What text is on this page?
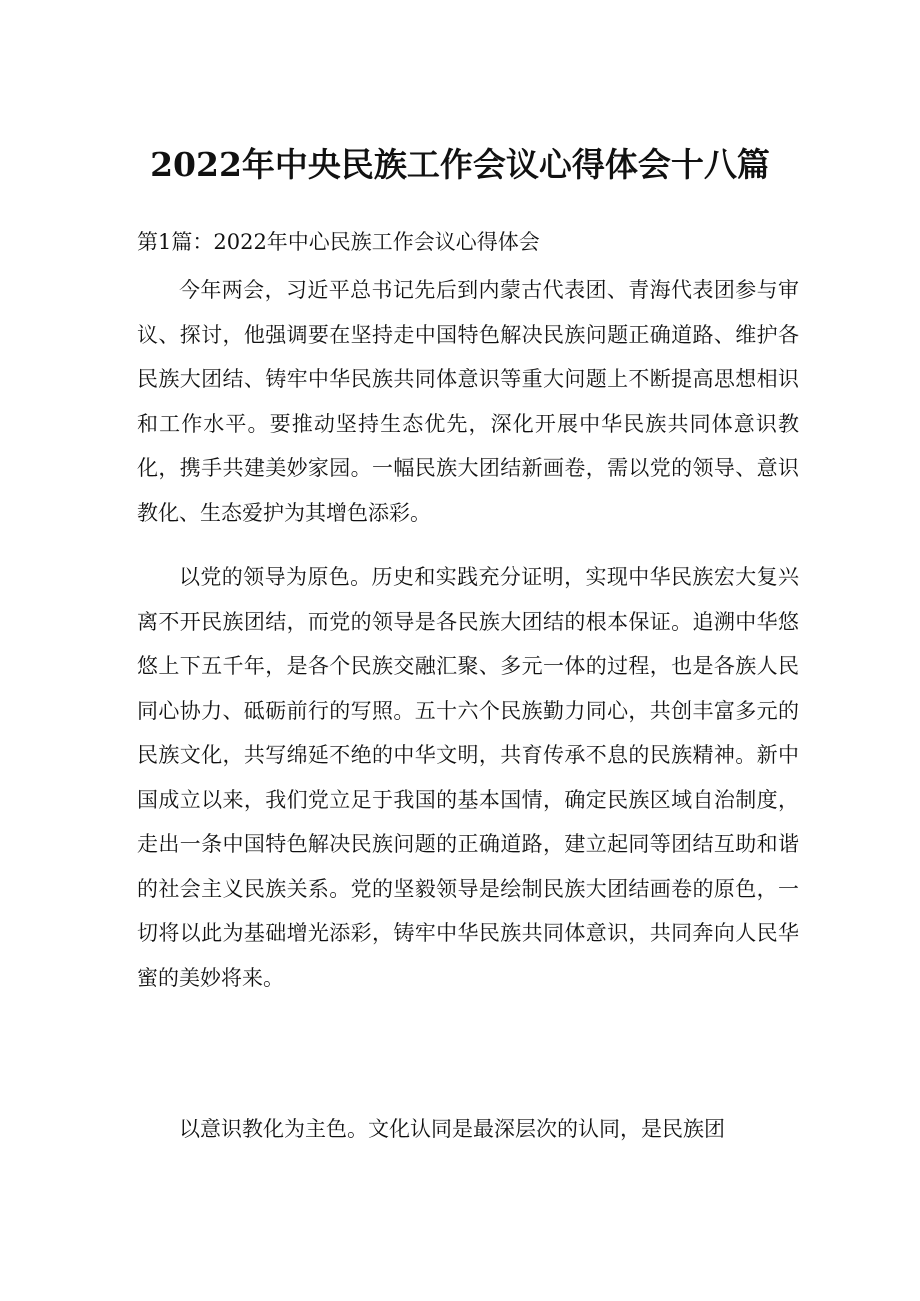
2022年中央民族工作会议心得体会十八篇

第1篇：2022年中心民族工作会议心得体会

今年两会，习近平总书记先后到内蒙古代表团、青海代表团参与审议、探讨，他强调要在坚持走中国特色解决民族问题正确道路、维护各民族大团结、铸牢中华民族共同体意识等重大问题上不断提高思想相识和工作水平。要推动坚持生态优先，深化开展中华民族共同体意识教化，携手共建美妙家园。一幅民族大团结新画卷，需以党的领导、意识教化、生态爱护为其增色添彩。

以党的领导为原色。历史和实践充分证明，实现中华民族宏大复兴离不开民族团结，而党的领导是各民族大团结的根本保证。追溯中华悠悠上下五千年，是各个民族交融汇聚、多元一体的过程，也是各族人民同心协力、砥砺前行的写照。五十六个民族勤力同心，共创丰富多元的民族文化，共写绵延不绝的中华文明，共育传承不息的民族精神。新中国成立以来，我们党立足于我国的基本国情，确定民族区域自治制度，走出一条中国特色解决民族问题的正确道路，建立起同等团结互助和谐的社会主义民族关系。党的坚毅领导是绘制民族大团结画卷的原色，一切将以此为基础增光添彩，铸牢中华民族共同体意识，共同奔向人民华蜜的美妙将来。

以意识教化为主色。文化认同是最深层次的认同，是民族团
